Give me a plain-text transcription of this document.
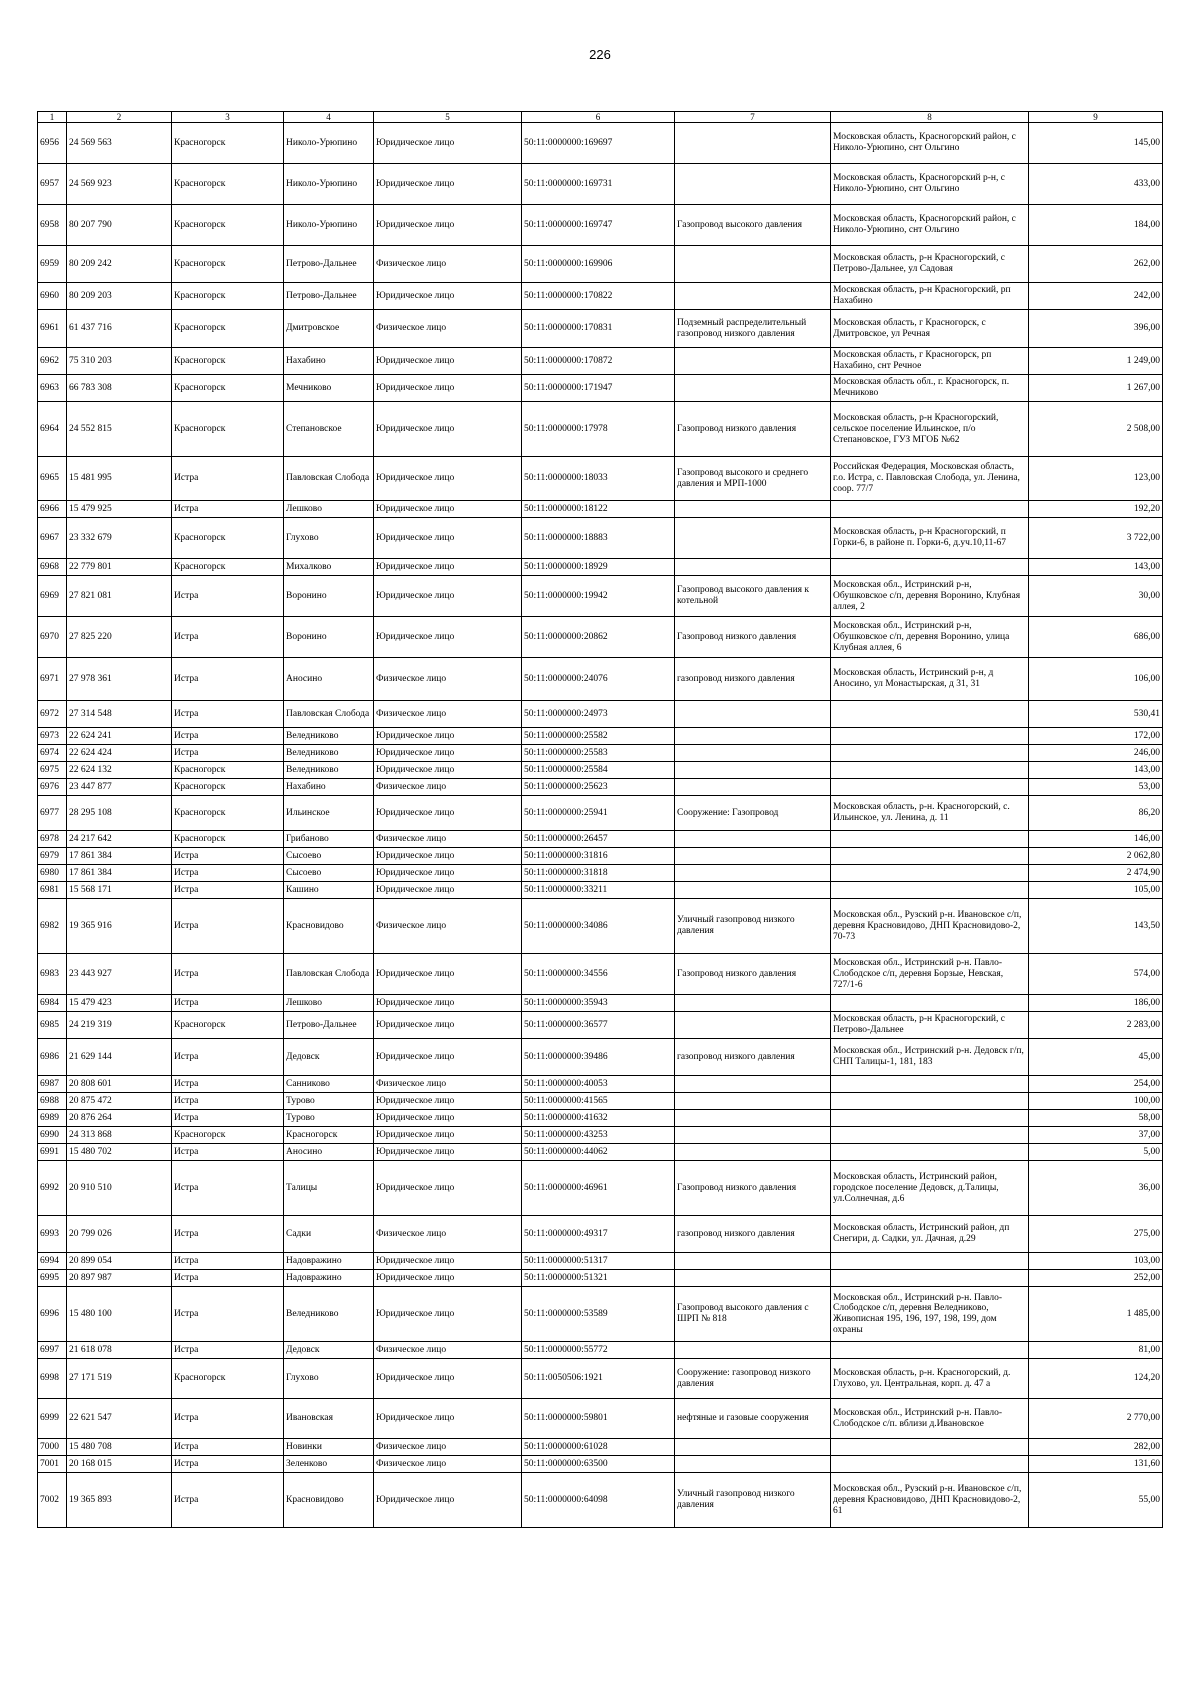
226
1	2	3	4	5	6	7	8	9
6956	24 569 563	Красногорск	Николо-Урюпино	Юридическое лицо	50:11:0000000:169697		Московская область, Красногорский район, с Николо-Урюпино, снт Ольгино	145,00
6957	24 569 923	Красногорск	Николо-Урюпино	Юридическое лицо	50:11:0000000:169731		Московская область, Красногорский р-н, с Николо-Урюпино, снт Ольгино	433,00
6958	80 207 790	Красногорск	Николо-Урюпино	Юридическое лицо	50:11:0000000:169747	Газопровод высокого давления	Московская область, Красногорский район, с Николо-Урюпино, снт Ольгино	184,00
6959	80 209 242	Красногорск	Петрово-Дальнее	Физическое лицо	50:11:0000000:169906		Московская область, р-н Красногорский, с Петрово-Дальнее, ул Садовая	262,00
6960	80 209 203	Красногорск	Петрово-Дальнее	Юридическое лицо	50:11:0000000:170822		Московская область, р-н Красногорский, рп Нахабино	242,00
6961	61 437 716	Красногорск	Дмитровское	Физическое лицо	50:11:0000000:170831	Подземный распределительный газопровод низкого давления	Московская область, г Красногорск, с Дмитровское, ул Речная	396,00
6962	75 310 203	Красногорск	Нахабино	Юридическое лицо	50:11:0000000:170872		Московская область, г Красногорск, рп Нахабино, снт Речное	1 249,00
6963	66 783 308	Красногорск	Мечниково	Юридическое лицо	50:11:0000000:171947		Московская область обл., г. Красногорск, п. Мечниково	1 267,00
6964	24 552 815	Красногорск	Степановское	Юридическое лицо	50:11:0000000:17978	Газопровод низкого давления	Московская область, р-н Красногорский, сельское поселение Ильинское, п/о Степановское, ГУЗ МГОБ №62	2 508,00
6965	15 481 995	Истра	Павловская Слобода	Юридическое лицо	50:11:0000000:18033	Газопровод высокого и среднего давления и МРП-1000	Российская Федерация, Московская область, г.о. Истра, с. Павловская Слобода, ул. Ленина, соор. 77/7	123,00
6966	15 479 925	Истра	Лешково	Юридическое лицо	50:11:0000000:18122			192,20
6967	23 332 679	Красногорск	Глухово	Юридическое лицо	50:11:0000000:18883		Московская область, р-н Красногорский, п Горки-6, в районе п. Горки-6, д.уч.10,11-67	3 722,00
6968	22 779 801	Красногорск	Михалково	Юридическое лицо	50:11:0000000:18929			143,00
6969	27 821 081	Истра	Воронино	Юридическое лицо	50:11:0000000:19942	Газопровод высокого давления к котельной	Московская обл., Истринский р-н, Обушковское с/п, деревня Воронино, Клубная аллея, 2	30,00
6970	27 825 220	Истра	Воронино	Юридическое лицо	50:11:0000000:20862	Газопровод низкого давления	Московская обл., Истринский р-н, Обушковское с/п, деревня Воронино, улица Клубная аллея, 6	686,00
6971	27 978 361	Истра	Аносино	Физическое лицо	50:11:0000000:24076	газопровод низкого давления	Московская область, Истринский р-н, д Аносино, ул Монастырская, д 31, 31	106,00
6972	27 314 548	Истра	Павловская Слобода	Физическое лицо	50:11:0000000:24973			530,41
6973	22 624 241	Истра	Веледниково	Юридическое лицо	50:11:0000000:25582			172,00
6974	22 624 424	Истра	Веледниково	Юридическое лицо	50:11:0000000:25583			246,00
6975	22 624 132	Красногорск	Веледниково	Юридическое лицо	50:11:0000000:25584			143,00
6976	23 447 877	Красногорск	Нахабино	Физическое лицо	50:11:0000000:25623			53,00
6977	28 295 108	Красногорск	Ильинское	Юридическое лицо	50:11:0000000:25941	Сооружение: Газопровод	Московская область, р-н. Красногорский, с. Ильинское, ул. Ленина, д. 11	86,20
6978	24 217 642	Красногорск	Грибаново	Физическое лицо	50:11:0000000:26457			146,00
6979	17 861 384	Истра	Сысоево	Юридическое лицо	50:11:0000000:31816			2 062,80
6980	17 861 384	Истра	Сысоево	Юридическое лицо	50:11:0000000:31818			2 474,90
6981	15 568 171	Истра	Кашино	Юридическое лицо	50:11:0000000:33211			105,00
6982	19 365 916	Истра	Красновидово	Физическое лицо	50:11:0000000:34086	Уличный газопровод низкого давления	Московская обл., Рузский р-н. Ивановское с/п, деревня Красновидово, ДНП Красновидово-2, 70-73	143,50
6983	23 443 927	Истра	Павловская Слобода	Юридическое лицо	50:11:0000000:34556	Газопровод низкого давления	Московская обл., Истринский р-н. Павло-Слободское с/п, деревня Борзые, Невская, 727/1-6	574,00
6984	15 479 423	Истра	Лешково	Юридическое лицо	50:11:0000000:35943			186,00
6985	24 219 319	Красногорск	Петрово-Дальнее	Юридическое лицо	50:11:0000000:36577		Московская область, р-н Красногорский, с Петрово-Дальнее	2 283,00
6986	21 629 144	Истра	Дедовск	Юридическое лицо	50:11:0000000:39486	газопровод низкого давления	Московская обл., Истринский р-н. Дедовск г/п, СНП Талицы-1, 181, 183	45,00
6987	20 808 601	Истра	Санниково	Физическое лицо	50:11:0000000:40053			254,00
6988	20 875 472	Истра	Турово	Юридическое лицо	50:11:0000000:41565			100,00
6989	20 876 264	Истра	Турово	Юридическое лицо	50:11:0000000:41632			58,00
6990	24 313 868	Красногорск	Красногорск	Юридическое лицо	50:11:0000000:43253			37,00
6991	15 480 702	Истра	Аносино	Юридическое лицо	50:11:0000000:44062			5,00
6992	20 910 510	Истра	Талицы	Юридическое лицо	50:11:0000000:46961	Газопровод низкого давления	Московская область, Истринский район, городское поселение Дедовск, д.Талицы, ул.Солнечная, д.6	36,00
6993	20 799 026	Истра	Садки	Физическое лицо	50:11:0000000:49317	газопровод низкого давления	Московская область, Истринский район, дп Снегири, д. Садки, ул. Дачная, д.29	275,00
6994	20 899 054	Истра	Надовражино	Юридическое лицо	50:11:0000000:51317			103,00
6995	20 897 987	Истра	Надовражино	Юридическое лицо	50:11:0000000:51321			252,00
6996	15 480 100	Истра	Веледниково	Юридическое лицо	50:11:0000000:53589	Газопровод высокого давления с ШРП № 818	Московская обл., Истринский р-н. Павло-Слободское с/п, деревня Веледниково, Живописная 195, 196, 197, 198, 199, дом охраны	1 485,00
6997	21 618 078	Истра	Дедовск	Физическое лицо	50:11:0000000:55772			81,00
6998	27 171 519	Красногорск	Глухово	Юридическое лицо	50:11:0050506:1921	Сооружение: газопровод низкого давления	Московская область, р-н. Красногорский, д. Глухово, ул. Центральная, корп. д. 47 а	124,20
6999	22 621 547	Истра	Ивановская	Юридическое лицо	50:11:0000000:59801	нефтяные и газовые сооружения	Московская обл., Истринский р-н. Павло-Слободское с/п. вблизи д.Ивановское	2 770,00
7000	15 480 708	Истра	Новинки	Физическое лицо	50:11:0000000:61028			282,00
7001	20 168 015	Истра	Зеленково	Физическое лицо	50:11:0000000:63500			131,60
7002	19 365 893	Истра	Красновидово	Юридическое лицо	50:11:0000000:64098	Уличный газопровод низкого давления	Московская обл., Рузский р-н. Ивановское с/п, деревня Красновидово, ДНП Красновидово-2, 61	55,00
